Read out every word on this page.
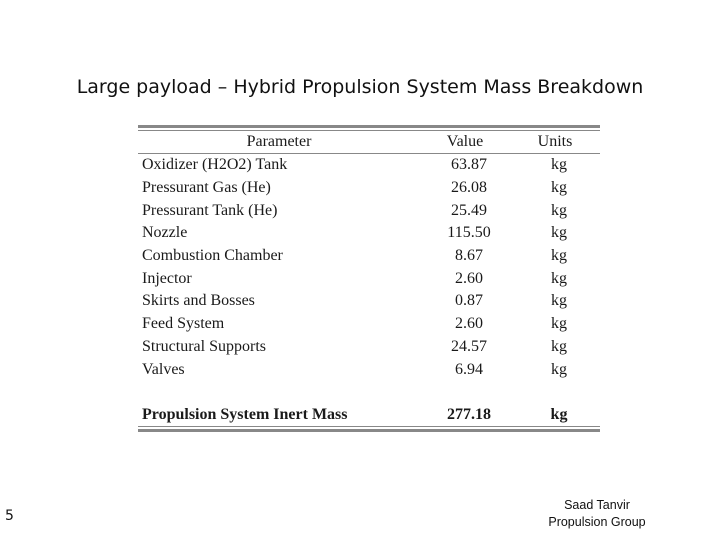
Large payload – Hybrid Propulsion System Mass Breakdown
Parameter	Value	Units
Oxidizer (H2O2) Tank	63.87	kg
Pressurant Gas (He)	26.08	kg
Pressurant Tank (He)	25.49	kg
Nozzle	115.50	kg
Combustion Chamber	8.67	kg
Injector	2.60	kg
Skirts and Bosses	0.87	kg
Feed System	2.60	kg
Structural Supports	24.57	kg
Valves	6.94	kg

Propulsion System Inert Mass	277.18	kg
5
Saad Tanvir
Propulsion Group
